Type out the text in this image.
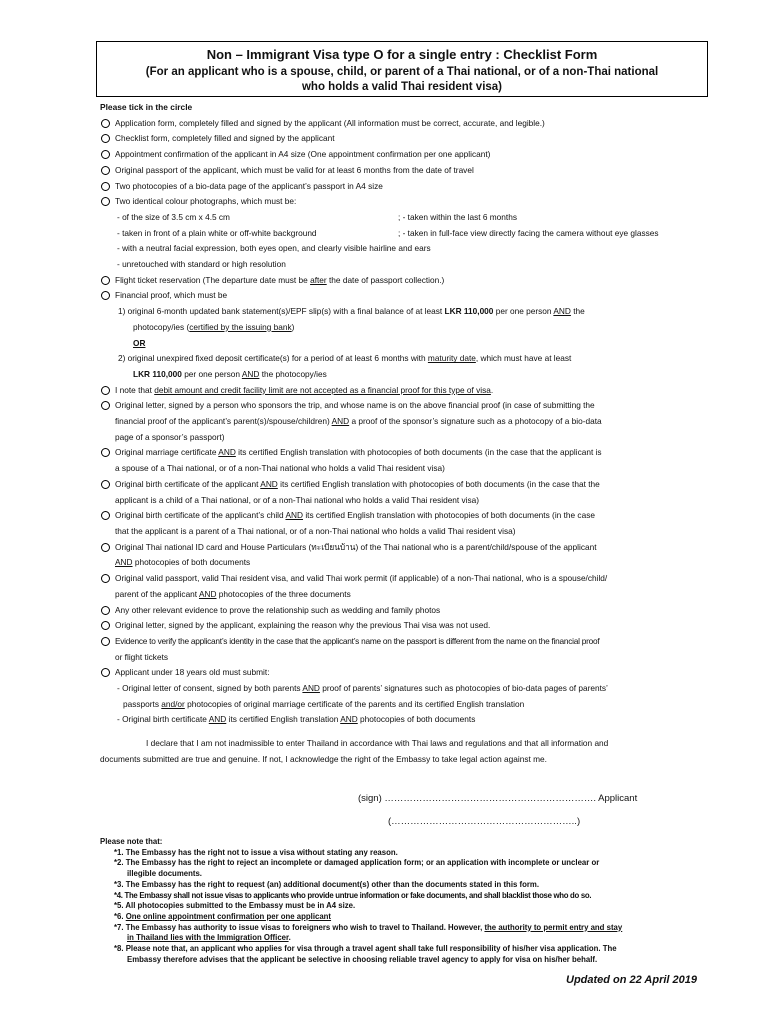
Non – Immigrant Visa type O for a single entry : Checklist Form
(For an applicant who is a spouse, child, or parent of a Thai national, or of a non-Thai national
who holds a valid Thai resident visa)
Please tick in the circle
Application form, completely filled and signed by the applicant (All information must be correct, accurate, and legible.)
Checklist form, completely filled and signed by the applicant
Appointment confirmation of the applicant in A4 size (One appointment confirmation per one applicant)
Original passport of the applicant, which must be valid for at least 6 months from the date of travel
Two photocopies of a bio-data page of the applicant’s passport in A4 size
Two identical colour photographs, which must be:
- of the size of 3.5 cm x 4.5 cm	; - taken within the last 6 months
- taken in front of a plain white or off-white background	; - taken in full-face view directly facing the camera without eye glasses
- with a neutral facial expression, both eyes open, and clearly visible hairline and ears
- unretouched with standard or high resolution
Flight ticket reservation (The departure date must be after the date of passport collection.)
Financial proof, which must be
1) original 6-month updated bank statement(s)/EPF slip(s) with a final balance of at least LKR 110,000 per one person AND the
photocopy/ies (certified by the issuing bank)
OR
2) original unexpired fixed deposit certificate(s) for a period of at least 6 months with maturity date, which must have at least
LKR 110,000 per one person AND the photocopy/ies
I note that debit amount and credit facility limit are not accepted as a financial proof for this type of visa.
Original letter, signed by a person who sponsors the trip, and whose name is on the above financial proof (in case of submitting the
financial proof of the applicant’s parent(s)/spouse/children) AND a proof of the sponsor’s signature such as a photocopy of a bio-data
page of a sponsor’s passport)
Original marriage certificate AND its certified English translation with photocopies of both documents (in the case that the applicant is
a spouse of a Thai national, or of a non-Thai national who holds a valid Thai resident visa)
Original birth certificate of the applicant AND its certified English translation with photocopies of both documents (in the case that the
applicant is a child of a Thai national, or of a non-Thai national who holds a valid Thai resident visa)
Original birth certificate of the applicant’s child AND its certified English translation with photocopies of both documents (in the case
that the applicant is a parent of a Thai national, or of a non-Thai national who holds a valid Thai resident visa)
Original Thai national ID card and House Particulars (ทะเบียนบ้าน) of the Thai national who is a parent/child/spouse of the applicant
AND photocopies of both documents
Original valid passport, valid Thai resident visa, and valid Thai work permit (if applicable) of a non-Thai national, who is a spouse/child/
parent of the applicant AND photocopies of the three documents
Any other relevant evidence to prove the relationship such as wedding and family photos
Original letter, signed by the applicant, explaining the reason why the previous Thai visa was not used.
Evidence to verify the applicant’s identity in the case that the applicant’s name on the passport is different from the name on the financial proof
or flight tickets
Applicant under 18 years old must submit:
- Original letter of consent, signed by both parents AND proof of parents’ signatures such as photocopies of bio-data pages of parents’
passports and/or photocopies of original marriage certificate of the parents and its certified English translation
- Original birth certificate AND its certified English translation AND photocopies of both documents
I declare that I am not inadmissible to enter Thailand in accordance with Thai laws and regulations and that all information and
documents submitted are true and genuine. If not, I acknowledge the right of the Embassy to take legal action against me.
(sign) …………………………………………………………. Applicant
(…………………………………………………..)
Please note that:
*1. The Embassy has the right not to issue a visa without stating any reason.
*2. The Embassy has the right to reject an incomplete or damaged application form; or an application with incomplete or unclear or
illegible documents.
*3. The Embassy has the right to request (an) additional document(s) other than the documents stated in this form.
*4. The Embassy shall not issue visas to applicants who provide untrue information or fake documents, and shall blacklist those who do so.
*5. All photocopies submitted to the Embassy must be in A4 size.
*6. One online appointment confirmation per one applicant
*7. The Embassy has authority to issue visas to foreigners who wish to travel to Thailand. However, the authority to permit entry and stay
in Thailand lies with the Immigration Officer.
*8. Please note that, an applicant who applies for visa through a travel agent shall take full responsibility of his/her visa application. The
Embassy therefore advises that the applicant be selective in choosing reliable travel agency to apply for visa on his/her behalf.
Updated on 22 April 2019
